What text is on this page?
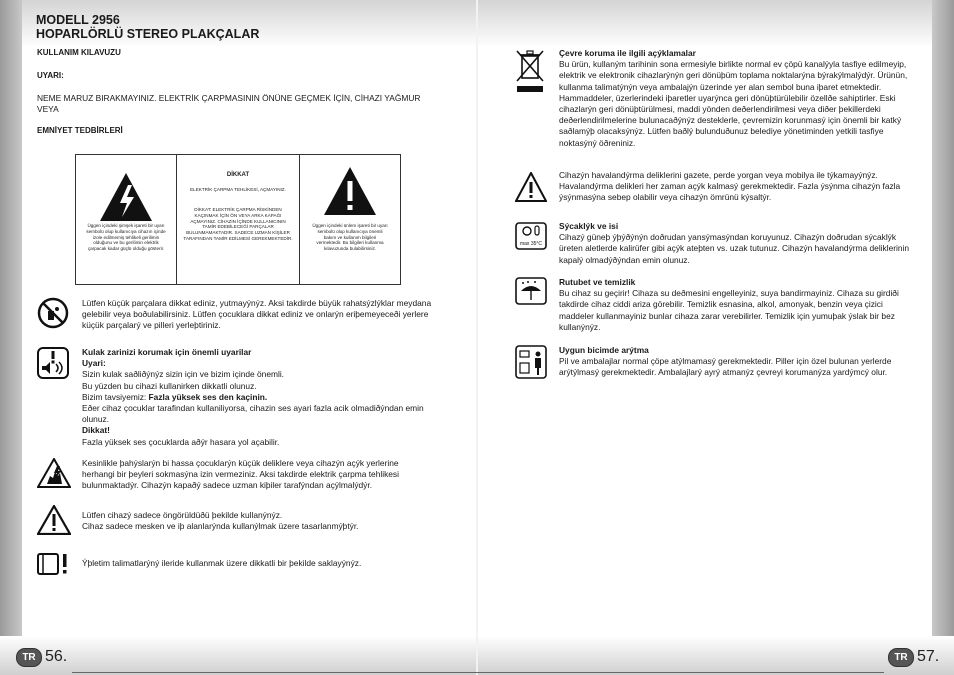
MODELL 2956
HOPARLÖRLÜ STEREO PLAKÇALAR
KULLANIM KILAVUZU
UYARI:
NEME MARUZ BIRAKMAYINIZ. ELEKTRİK ÇARPMASININ ÖNÜNE GEÇMEK İÇİN, CİHAZI YAĞMUR VEYA
EMNİYET TEDBİRLERİ
Üggen içindeki şimşek işareti bir uyarı sembolü olup kullanıcıya cihazın içinde izole edilmemiş tehlikeli gerilimin olduğunu ve bu gerilimin elektrik çarpacak kadar güçlü olduğu gösterir.
DİKKAT
ELEKTRİK ÇARPMA TEHLİKESİ, AÇMAYINIZ.
DİKKAT: ELEKTRİK ÇARPMA RİSKİNDEN KAÇINMAK İÇİN ÖN VEYA ARKA KAPAĞI AÇMAYINIZ. CİHAZIN İÇİNDE KULLANICININ TAMİR EDEBİLECEĞİ PARÇALAR BULUNMAMAKTADIR. SADECE UZMAN KİŞİLER TARAFINDAN TAMİR EDİLMESİ GEREKMEKTEDİR.
Üggen içindeki ünlem işareti bir uyarı sembolü olup kullanıcıya önemli bakım ve kullanım bilgileri vermektedir. Bu bilgileri kullanma kılavuzunda bulabilirsiniz.
Lütfen küçük parçalara dikkat ediniz, yutmayýnýz. Aksi takdirde büyük rahatsýzlýklar meydana gelebilir veya boðulabilirsiniz. Lütfen çocuklara dikkat ediniz ve onlarýn eriþemeyeceði yerlere küçük parçalarý ve pilleri yerleþtiriniz.
Kulak zarinizi korumak için önemli uyarilar
Uyari:
Sizin kulak saðliðýnýz sizin için ve bizim içinde önemli.
Bu yüzden bu cihazi kullanirken dikkatli olunuz.
Bizim tavsiyemiz: Fazla yüksek ses den kaçinin.
Eðer cihaz çocuklar tarafindan kullaniliyorsa, cihazin ses ayari fazla acik olmadiðýndan emin olunuz.
Dikkat!
Fazla yüksek ses çocuklarda aðýr hasara yol açabilir.
Kesinlikle þahýslarýn bi hassa çocuklarýn küçük deliklere veya cihazýn açýk yerlerine herhangi bir þeyleri sokmasýna izin vermeziniz. Aksi takdirde elektrik çarpma tehlikesi bulunmaktadýr. Cihazýn kapaðý sadece uzman kiþiler tarafýndan açýlmalýdýr.
Lütfen cihazý sadece öngörüldüðü þekilde kullanýnýz.
Cihaz sadece mesken ve iþ alanlarýnda kullanýlmak üzere tasarlanmýþtýr.
Ýþletim talimatlarýný ileride kullanmak üzere dikkatli bir þekilde saklayýnýz.
TR 56.
Çevre koruma ile ilgili açýklamalar
Bu ürün, kullaným tarihinin sona ermesiyle birlikte normal ev çöpü kanalýyla tasfiye edilmeyip, elektrik ve elektronik cihazlarýnýn geri dönüþüm toplama noktalarýna býrakýlmalýdýr. Ürünün, kullanma talimatýnýn veya ambalajýn üzerinde yer alan sembol buna iþaret etmektedir. Hammaddeler, üzerlerindeki iþaretler uyarýnca geri dönüþtürülebilir özellðe sahiptirler. Eski cihazlarýn geri dönüþtürülmesi, maddi yönden deðerlendirilmesi veya diðer þekillerdeki deðerlendirilmelerine bulunacaðýnýz desteklerle, çevremizin korunmasý için önemli bir katký saðlamýþ olacaksýnýz. Lütfen baðlý bulunduðunuz belediye yönetiminden yetkili tasfiye noktasýný öðreniniz.
Cihazýn havalandýrma deliklerini gazete, perde yorgan veya mobilya ile týkamayýnýz. Havalandýrma delikleri her zaman açýk kalmasý gerekmektedir. Fazla ýsýnma cihazýn fazla ýsýnmasýna sebep olabilir veya cihazýn ömrünü kýsaltýr.
max 35°C
Sýcaklýk ve isi
Cihazý güneþ ýþýðýnýn doðrudan yansýmasýndan koruyunuz. Cihazýn doðrudan sýcaklýk üreten aletlerde kalirüfer gibi açýk ateþten vs. uzak tutunuz. Cihazýn havalandýrma deliklerinin kapalý olmadýðýndan emin olunuz.
Rutubet ve temizlik
Bu cihaz su geçirir! Cihaza su deðmesini engelleyiniz, suya bandirmayiniz. Cihaza su girdiði takdirde cihaz ciddi ariza görebilir. Temizlik esnasina, alkol, amonyak, benzin veya çizici maddeler kullanmayiniz bunlar cihaza zarar verebilirler. Temizlik için yumuþak ýslak bir bez kullanýnýz.
Uygun bicimde arýtma
Pil ve ambalajlar normal çöpe atýlmamasý gerekmektedir. Piller için özel bulunan yerlerde arýtýlmasý gerekmektedir. Ambalajlarý ayrý atmanýz çevreyi korumanýza yardýmcý olur.
TR 57.
